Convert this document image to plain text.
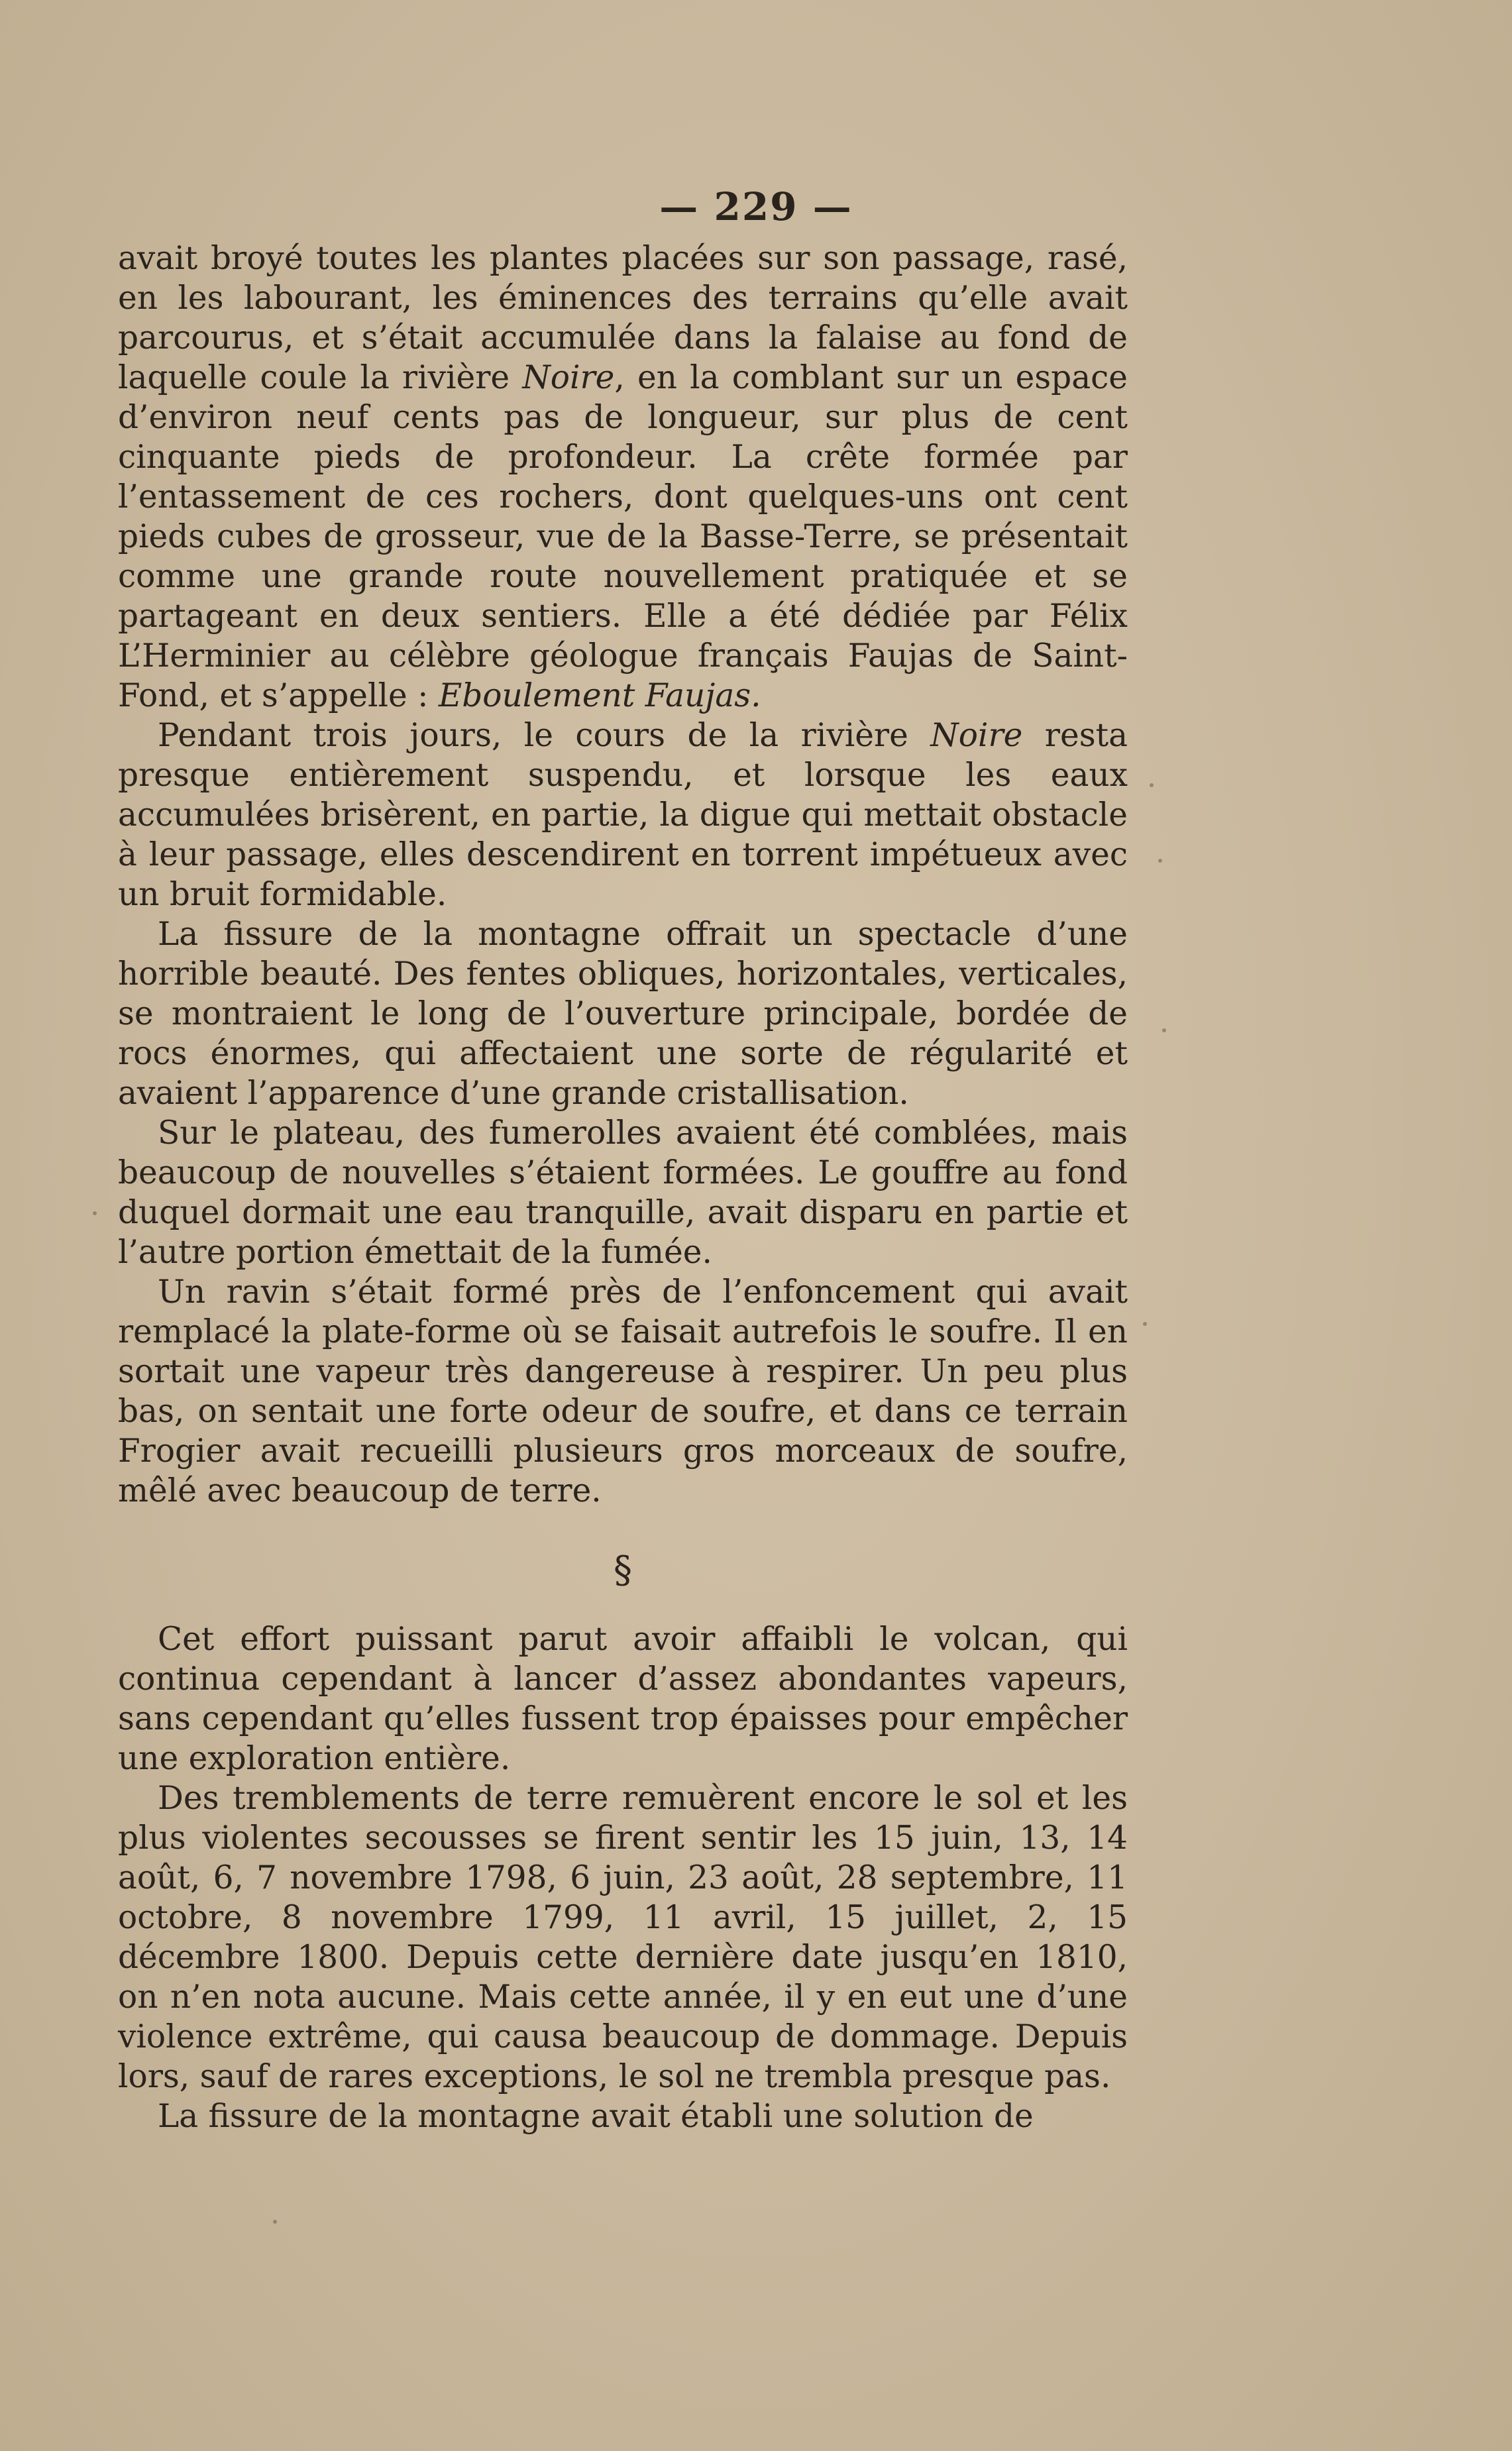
— 229 —

avait broyé toutes les plantes placées sur son passage, rasé, en les labourant, les éminences des terrains qu’elle avait parcourus, et s’était accumulée dans la falaise au fond de laquelle coule la rivière Noire, en la comblant sur un espace d’environ neuf cents pas de longueur, sur plus de cent cinquante pieds de profondeur. La crête formée par l’entassement de ces rochers, dont quelques-uns ont cent pieds cubes de grosseur, vue de la Basse-Terre, se présentait comme une grande route nouvellement pratiquée et se partageant en deux sentiers. Elle a été dédiée par Félix L’Herminier au célèbre géologue français Faujas de Saint-Fond, et s’appelle : Eboulement Faujas.

Pendant trois jours, le cours de la rivière Noire resta presque entièrement suspendu, et lorsque les eaux accumulées brisèrent, en partie, la digue qui mettait obstacle à leur passage, elles descendirent en torrent impétueux avec un bruit formidable.

La fissure de la montagne offrait un spectacle d’une horrible beauté. Des fentes obliques, horizontales, verticales, se montraient le long de l’ouverture principale, bordée de rocs énormes, qui affectaient une sorte de régularité et avaient l’apparence d’une grande cristallisation.

Sur le plateau, des fumerolles avaient été comblées, mais beaucoup de nouvelles s’étaient formées. Le gouffre au fond duquel dormait une eau tranquille, avait disparu en partie et l’autre portion émettait de la fumée.

Un ravin s’était formé près de l’enfoncement qui avait remplacé la plate-forme où se faisait autrefois le soufre. Il en sortait une vapeur très dangereuse à respirer. Un peu plus bas, on sentait une forte odeur de soufre, et dans ce terrain Frogier avait recueilli plusieurs gros morceaux de soufre, mêlé avec beaucoup de terre.

§

Cet effort puissant parut avoir affaibli le volcan, qui continua cependant à lancer d’assez abondantes vapeurs, sans cependant qu’elles fussent trop épaisses pour empêcher une exploration entière.

Des tremblements de terre remuèrent encore le sol et les plus violentes secousses se firent sentir les 15 juin, 13, 14 août, 6, 7 novembre 1798, 6 juin, 23 août, 28 septembre, 11 octobre, 8 novembre 1799, 11 avril, 15 juillet, 2, 15 décembre 1800. Depuis cette dernière date jusqu’en 1810, on n’en nota aucune. Mais cette année, il y en eut une d’une violence extrême, qui causa beaucoup de dommage. Depuis lors, sauf de rares exceptions, le sol ne trembla presque pas.

La fissure de la montagne avait établi une solution de
